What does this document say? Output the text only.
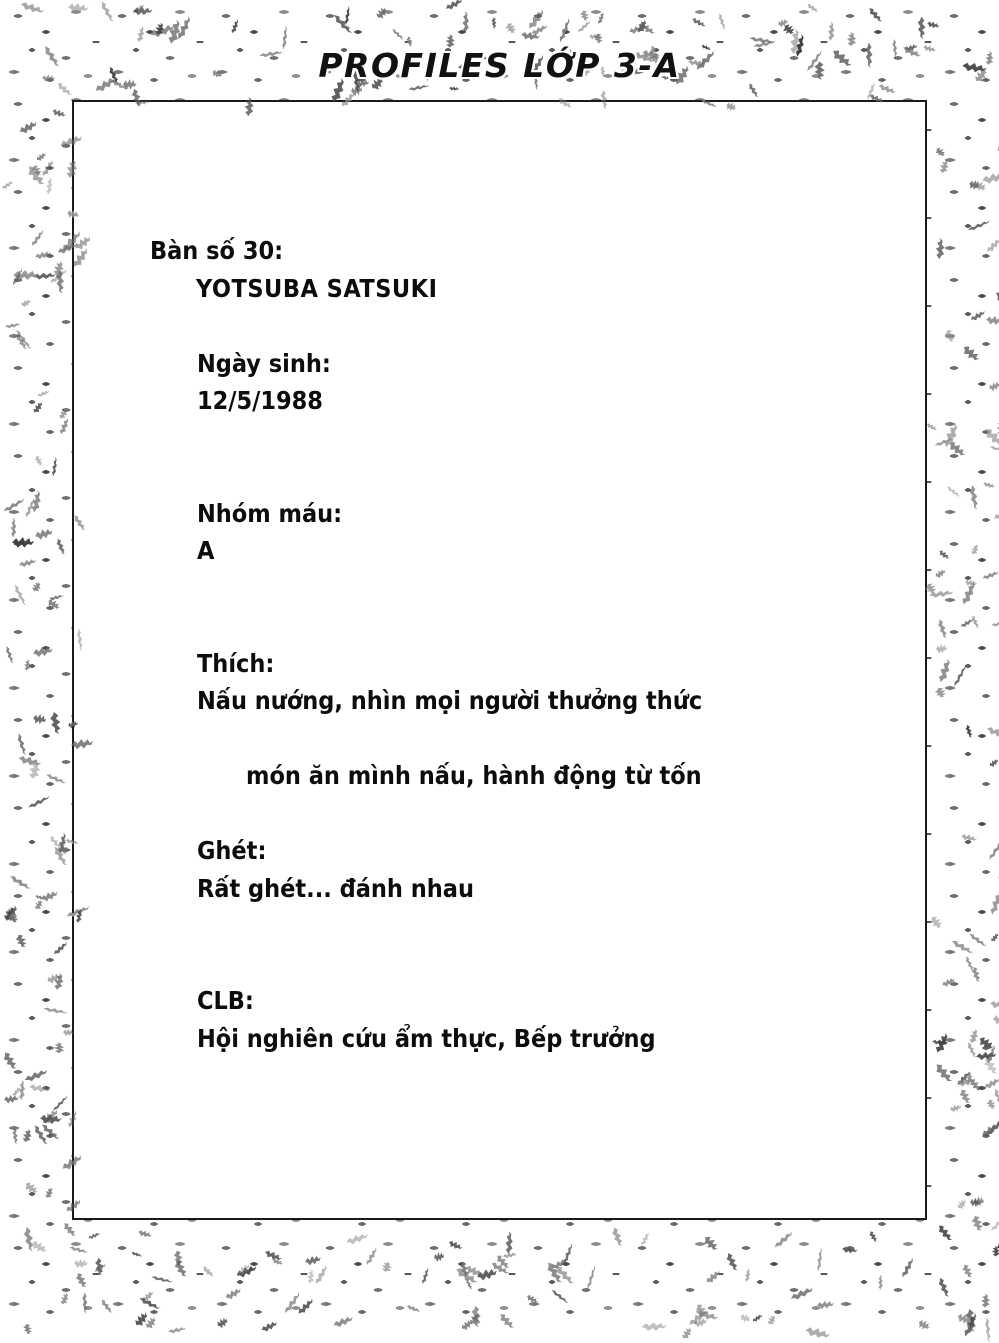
PROFILES LỚP 3-A
Bàn số 30:
YOTSUBA SATSUKI

Ngày sinh:
12/5/1988

Nhóm máu:
A

Thích:
Nấu nướng, nhìn mọi người thưởng thức

món ăn mình nấu, hành động từ tốn

Ghét:
Rất ghét... đánh nhau

CLB:
Hội nghiên cứu ẩm thực, Bếp trưởng
